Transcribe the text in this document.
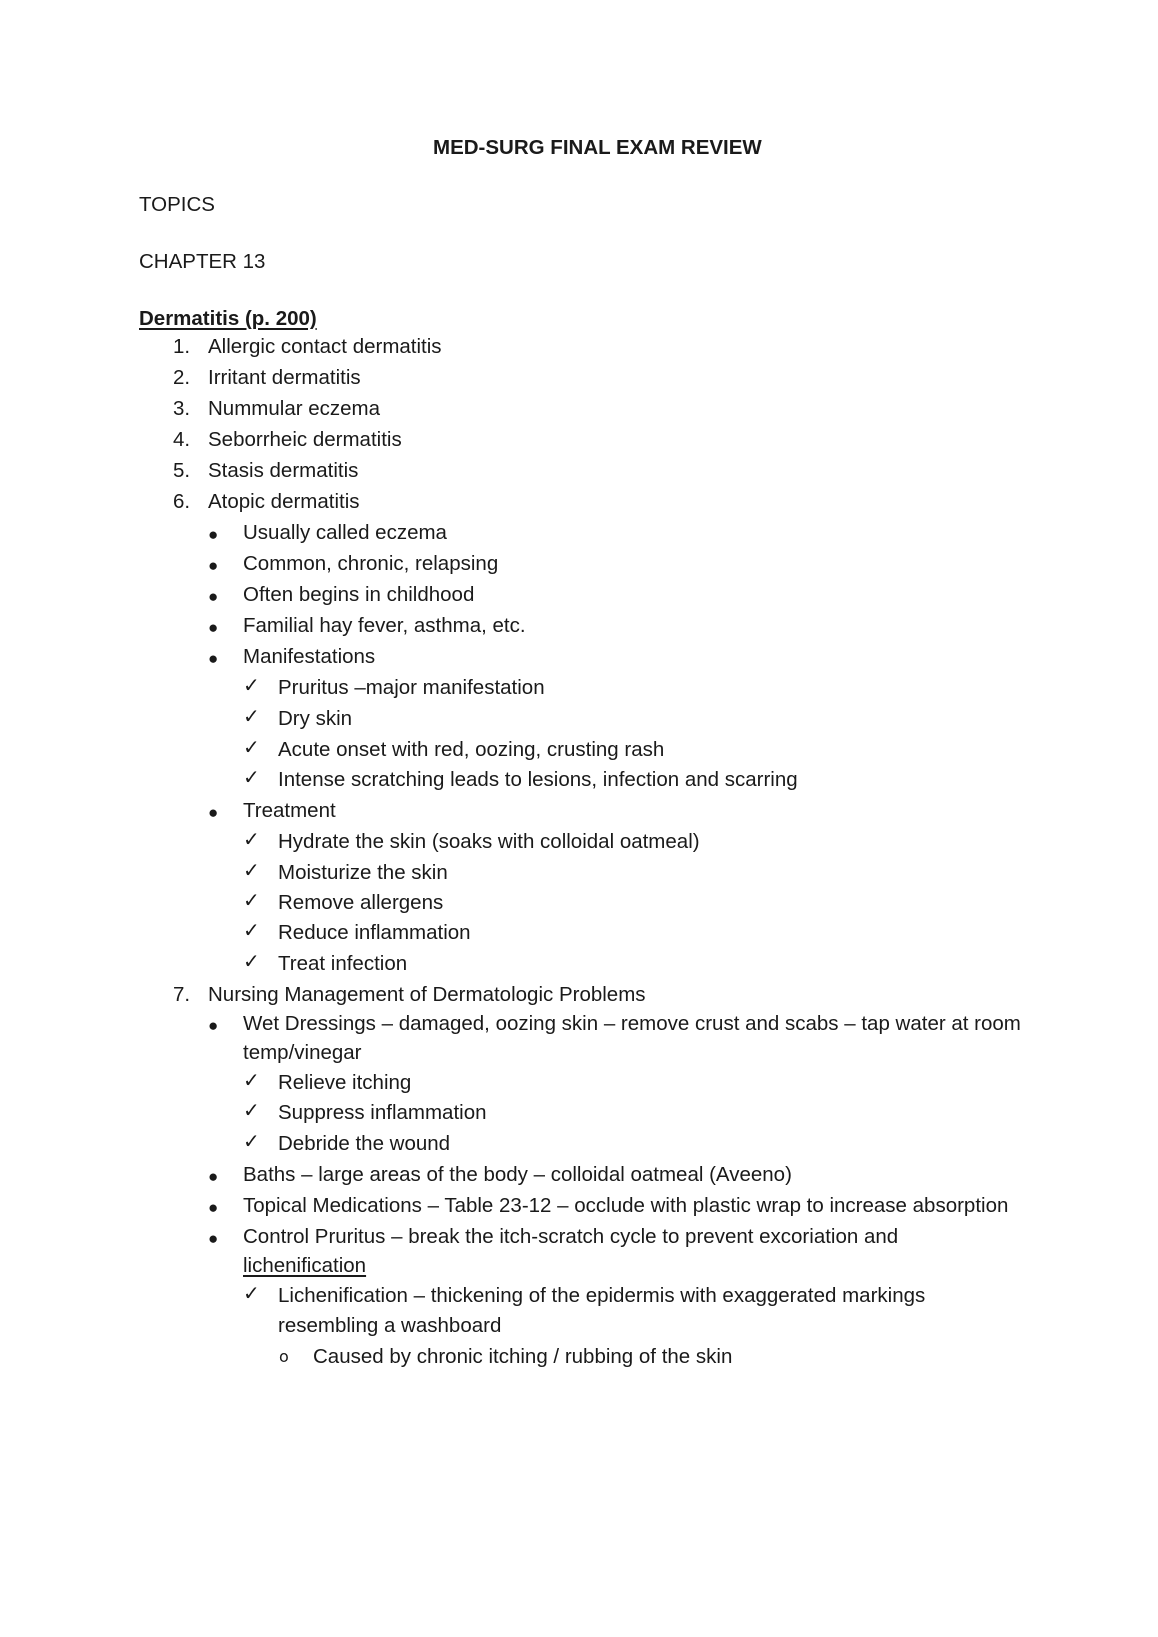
MED-SURG FINAL EXAM REVIEW
TOPICS
CHAPTER 13
Dermatitis (p. 200)
1. Allergic contact dermatitis
2. Irritant dermatitis
3. Nummular eczema
4. Seborrheic dermatitis
5. Stasis dermatitis
6. Atopic dermatitis
● Usually called eczema
● Common, chronic, relapsing
● Often begins in childhood
● Familial hay fever, asthma, etc.
● Manifestations
✓ Pruritus –major manifestation
✓ Dry skin
✓ Acute onset with red, oozing, crusting rash
✓ Intense scratching leads to lesions, infection and scarring
● Treatment
✓ Hydrate the skin (soaks with colloidal oatmeal)
✓ Moisturize the skin
✓ Remove allergens
✓ Reduce inflammation
✓ Treat infection
7. Nursing Management of Dermatologic Problems
● Wet Dressings – damaged, oozing skin – remove crust and scabs – tap water at room
temp/vinegar
✓ Relieve itching
✓ Suppress inflammation
✓ Debride the wound
● Baths – large areas of the body – colloidal oatmeal (Aveeno)
● Topical Medications – Table 23-12 – occlude with plastic wrap to increase absorption
● Control Pruritus – break the itch-scratch cycle to prevent excoriation and
lichenification
✓ Lichenification – thickening of the epidermis with exaggerated markings
resembling a washboard
o Caused by chronic itching / rubbing of the skin
